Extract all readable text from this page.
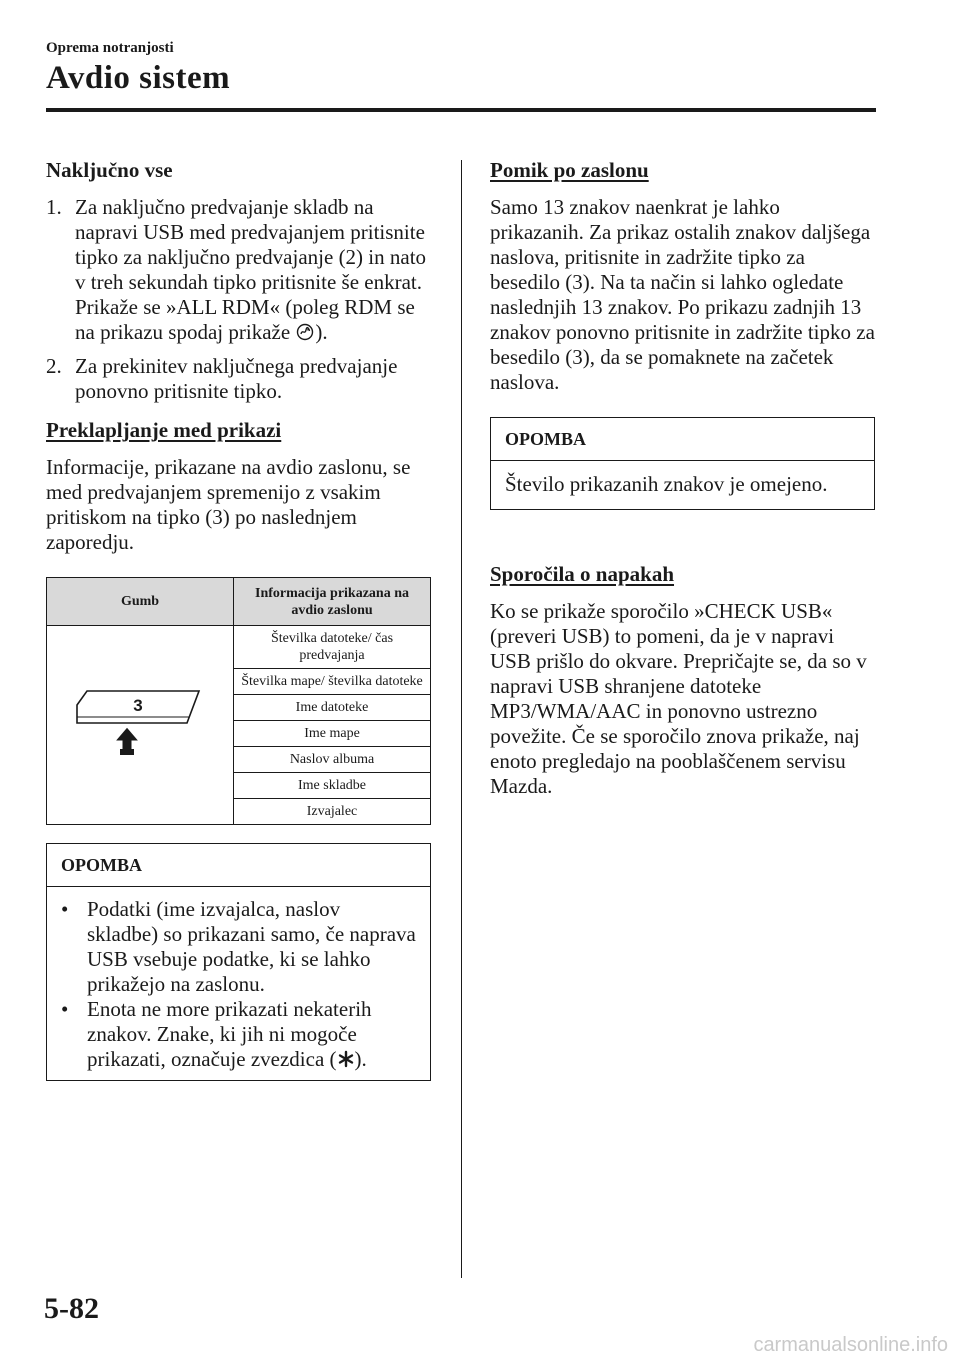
Oprema notranjosti
Avdio sistem
Naključno vse
1. Za naključno predvajanje skladb na napravi USB med predvajanjem pritisnite tipko za naključno predvajanje (2) in nato v treh sekundah tipko pritisnite še enkrat. Prikaže se »ALL RDM« (poleg RDM se na prikazu spodaj prikaže ).
2. Za prekinitev naključnega predvajanje ponovno pritisnite tipko.
Preklapljanje med prikazi

Informacije, prikazane na avdio zaslonu, se med predvajanjem spremenijo z vsakim pritiskom na tipko (3) po naslednjem zaporedju.

Gumb	Informacija prikazana na avdio zaslonu

3	Številka datoteke/ čas predvajanja
	Številka mape/ številka datoteke
	Ime datoteke
	Ime mape
	Naslov albuma
	Ime skladbe
	Izvajalec
OPOMBA
• Podatki (ime izvajalca, naslov skladbe) so prikazani samo, če naprava USB vsebuje podatke, ki se lahko prikažejo na zaslonu.
• Enota ne more prikazati nekaterih znakov. Znake, ki jih ni mogoče prikazati, označuje zvezdica ( ).
Pomik po zaslonu

Samo 13 znakov naenkrat je lahko prikazanih. Za prikaz ostalih znakov daljšega naslova, pritisnite in zadržite tipko za besedilo (3). Na ta način si lahko ogledate naslednjih 13 znakov. Po prikazu zadnjih 13 znakov ponovno pritisnite in zadržite tipko za besedilo (3), da se pomaknete na začetek naslova.

OPOMBA
Število prikazanih znakov je omejeno.
Sporočila o napakah

Ko se prikaže sporočilo »CHECK USB« (preveri USB) to pomeni, da je v napravi USB prišlo do okvare. Prepričajte se, da so v napravi USB shranjene datoteke MP3/WMA/AAC in ponovno ustrezno povežite. Če se sporočilo znova prikaže, naj enoto pregledajo na pooblaščenem servisu Mazda.

5-82
carmanualsonline.info
